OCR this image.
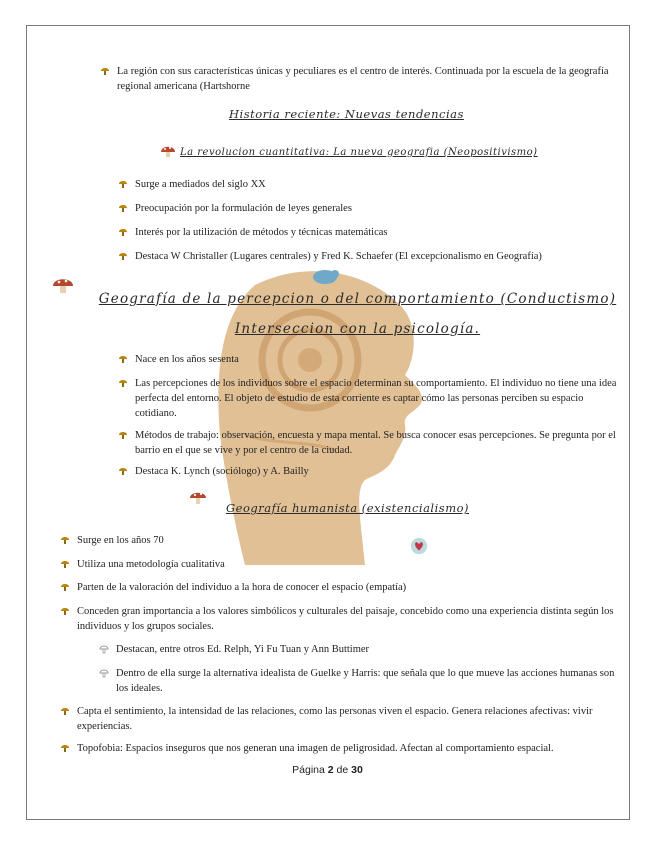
La región con sus características únicas y peculiares es el centro de interés. Continuada por la escuela de la geografía regional americana (Hartshorne
Historia reciente: Nuevas tendencias
La revolucion cuantitativa: La nueva geografia (Neopositivismo)
Surge a mediados del siglo XX
Preocupación por la formulación de leyes generales
Interés por la utilización de métodos y técnicas matemáticas
Destaca W Christaller (Lugares centrales) y Fred K. Schaefer (El excepcionalismo en Geografía)
Geografía de la percepcion o del comportamiento (Conductismo) Interseccion con la psicología.
Nace en los años sesenta
Las percepciones de los individuos sobre el espacio determinan su comportamiento. El individuo no tiene una idea perfecta del entorno. El objeto de estudio de esta corriente es captar cómo las personas perciben su espacio cotidiano.
Métodos de trabajo: observación, encuesta y mapa mental. Se busca conocer esas percepciones. Se pregunta por el barrio en el que se vive y por el centro de la ciudad.
Destaca K. Lynch (sociólogo) y A. Bailly
Geografía humanista (existencialismo)
Surge en los años 70
Utiliza una metodología cualitativa
Parten de la valoración del individuo a la hora de conocer el espacio (empatía)
Conceden gran importancia a los valores simbólicos y culturales del paisaje, concebido como una experiencia distinta según los individuos y los grupos sociales.
Destacan, entre otros Ed. Relph, Yi Fu Tuan y Ann Buttimer
Dentro de ella surge la alternativa idealista de Guelke y Harris: que señala que lo que mueve las acciones humanas son los ideales.
Capta el sentimiento, la intensidad de las relaciones, como las personas viven el espacio. Genera relaciones afectivas: vivir experiencias.
Topofobia: Espacios inseguros que nos generan una imagen de peligrosidad. Afectan al comportamiento espacial.
Página 2 de 30
